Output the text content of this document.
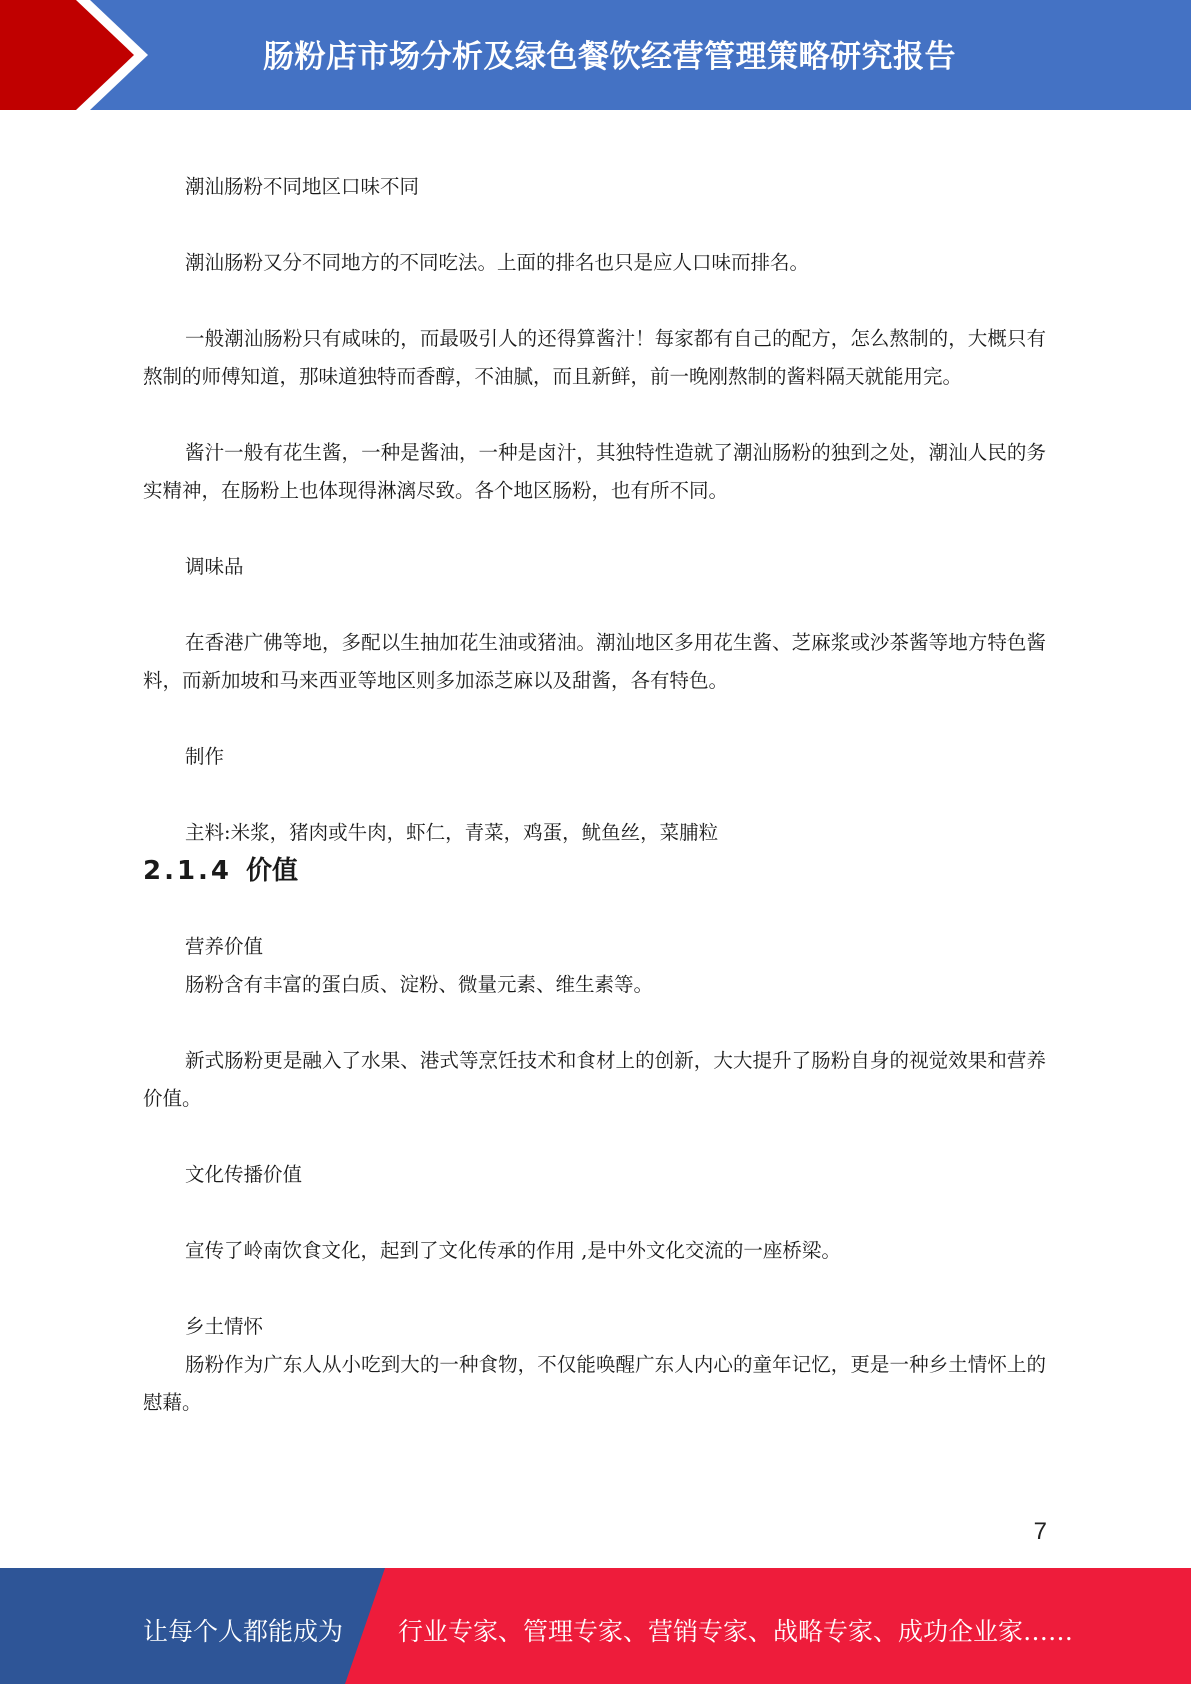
肠粉店市场分析及绿色餐饮经营管理策略研究报告

潮汕肠粉不同地区口味不同

潮汕肠粉又分不同地方的不同吃法。上面的排名也只是应人口味而排名。

一般潮汕肠粉只有咸味的，而最吸引人的还得算酱汁！每家都有自己的配方，怎么熬制的，大概只有熬制的师傅知道，那味道独特而香醇，不油腻，而且新鲜，前一晚刚熬制的酱料隔天就能用完。

酱汁一般有花生酱，一种是酱油，一种是卤汁，其独特性造就了潮汕肠粉的独到之处，潮汕人民的务实精神，在肠粉上也体现得淋漓尽致。各个地区肠粉，也有所不同。

调味品

在香港广佛等地，多配以生抽加花生油或猪油。潮汕地区多用花生酱、芝麻浆或沙茶酱等地方特色酱料，而新加坡和马来西亚等地区则多加添芝麻以及甜酱，各有特色。

制作

主料:米浆，猪肉或牛肉，虾仁，青菜，鸡蛋，鱿鱼丝，菜脯粒

2.1.4 价值

营养价值

肠粉含有丰富的蛋白质、淀粉、微量元素、维生素等。

新式肠粉更是融入了水果、港式等烹饪技术和食材上的创新，大大提升了肠粉自身的视觉效果和营养价值。

文化传播价值

宣传了岭南饮食文化，起到了文化传承的作用 ,是中外文化交流的一座桥梁。

乡土情怀

肠粉作为广东人从小吃到大的一种食物，不仅能唤醒广东人内心的童年记忆，更是一种乡土情怀上的慰藉。

7
让每个人都能成为 行业专家、管理专家、营销专家、战略专家、成功企业家……
